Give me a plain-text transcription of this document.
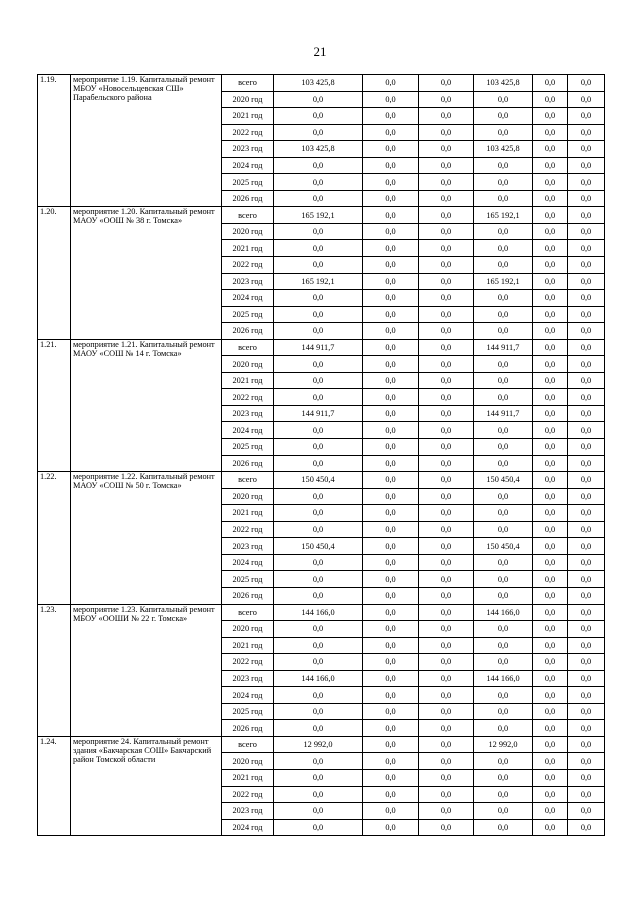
21
1.19.	мероприятие 1.19. Капитальный ремонт МБОУ «Новосельцевская СШ» Парабельского района	всего	103 425,8	0,0	0,0	103 425,8	0,0	0,0
		2020 год	0,0	0,0	0,0	0,0	0,0	0,0
		2021 год	0,0	0,0	0,0	0,0	0,0	0,0
		2022 год	0,0	0,0	0,0	0,0	0,0	0,0
		2023 год	103 425,8	0,0	0,0	103 425,8	0,0	0,0
		2024 год	0,0	0,0	0,0	0,0	0,0	0,0
		2025 год	0,0	0,0	0,0	0,0	0,0	0,0
		2026 год	0,0	0,0	0,0	0,0	0,0	0,0
1.20.	мероприятие 1.20. Капитальный ремонт МАОУ «ООШ № 38 г. Томска»	всего	165 192,1	0,0	0,0	165 192,1	0,0	0,0
		2020 год	0,0	0,0	0,0	0,0	0,0	0,0
		2021 год	0,0	0,0	0,0	0,0	0,0	0,0
		2022 год	0,0	0,0	0,0	0,0	0,0	0,0
		2023 год	165 192,1	0,0	0,0	165 192,1	0,0	0,0
		2024 год	0,0	0,0	0,0	0,0	0,0	0,0
		2025 год	0,0	0,0	0,0	0,0	0,0	0,0
		2026 год	0,0	0,0	0,0	0,0	0,0	0,0
1.21.	мероприятие 1.21. Капитальный ремонт МАОУ «СОШ № 14 г. Томска»	всего	144 911,7	0,0	0,0	144 911,7	0,0	0,0
		2020 год	0,0	0,0	0,0	0,0	0,0	0,0
		2021 год	0,0	0,0	0,0	0,0	0,0	0,0
		2022 год	0,0	0,0	0,0	0,0	0,0	0,0
		2023 год	144 911,7	0,0	0,0	144 911,7	0,0	0,0
		2024 год	0,0	0,0	0,0	0,0	0,0	0,0
		2025 год	0,0	0,0	0,0	0,0	0,0	0,0
		2026 год	0,0	0,0	0,0	0,0	0,0	0,0
1.22.	мероприятие 1.22. Капитальный ремонт МАОУ «СОШ № 50 г. Томска»	всего	150 450,4	0,0	0,0	150 450,4	0,0	0,0
		2020 год	0,0	0,0	0,0	0,0	0,0	0,0
		2021 год	0,0	0,0	0,0	0,0	0,0	0,0
		2022 год	0,0	0,0	0,0	0,0	0,0	0,0
		2023 год	150 450,4	0,0	0,0	150 450,4	0,0	0,0
		2024 год	0,0	0,0	0,0	0,0	0,0	0,0
		2025 год	0,0	0,0	0,0	0,0	0,0	0,0
		2026 год	0,0	0,0	0,0	0,0	0,0	0,0
1.23.	мероприятие 1.23. Капитальный ремонт МБОУ «ООШИ № 22 г. Томска»	всего	144 166,0	0,0	0,0	144 166,0	0,0	0,0
		2020 год	0,0	0,0	0,0	0,0	0,0	0,0
		2021 год	0,0	0,0	0,0	0,0	0,0	0,0
		2022 год	0,0	0,0	0,0	0,0	0,0	0,0
		2023 год	144 166,0	0,0	0,0	144 166,0	0,0	0,0
		2024 год	0,0	0,0	0,0	0,0	0,0	0,0
		2025 год	0,0	0,0	0,0	0,0	0,0	0,0
		2026 год	0,0	0,0	0,0	0,0	0,0	0,0
1.24.	мероприятие 24. Капитальный ремонт здания «Бакчарская СОШ» Бакчарский район Томской области	всего	12 992,0	0,0	0,0	12 992,0	0,0	0,0
		2020 год	0,0	0,0	0,0	0,0	0,0	0,0
		2021 год	0,0	0,0	0,0	0,0	0,0	0,0
		2022 год	0,0	0,0	0,0	0,0	0,0	0,0
		2023 год	0,0	0,0	0,0	0,0	0,0	0,0
		2024 год	0,0	0,0	0,0	0,0	0,0	0,0
